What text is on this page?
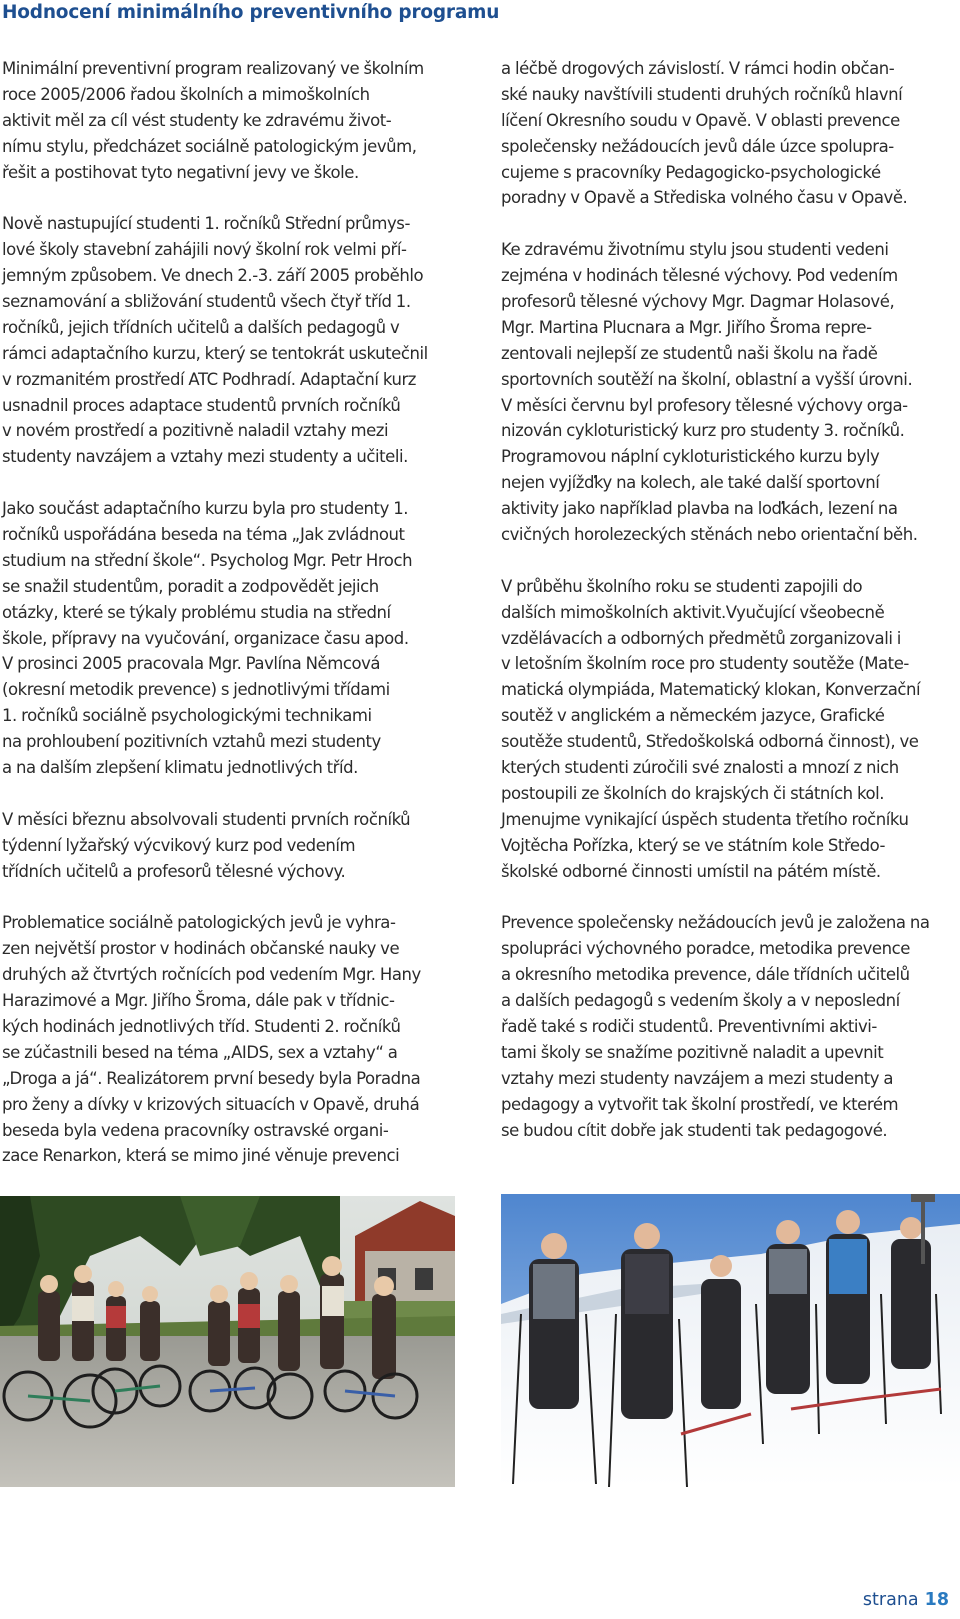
Hodnocení minimálního preventivního programu
Minimální preventivní program realizovaný ve školním
roce 2005/2006 řadou školních a mimoškolních
aktivit měl za cíl vést studenty ke zdravému život-
nímu stylu, předcházet sociálně patologickým jevům,
řešit a postihovat tyto negativní jevy ve škole.
Nově nastupující studenti 1. ročníků Střední průmys-
lové školy stavební zahájili nový školní rok velmi pří-
jemným způsobem. Ve dnech 2.-3. září 2005 proběhlo
seznamování a sbližování studentů všech čtyř tříd 1.
ročníků, jejich třídních učitelů a dalších pedagogů v
rámci adaptačního kurzu, který se tentokrát uskutečnil
v rozmanitém prostředí ATC Podhradí. Adaptační kurz
usnadnil proces adaptace studentů prvních ročníků
v novém prostředí a pozitivně naladil vztahy mezi
studenty navzájem a vztahy mezi studenty a učiteli.
Jako součást adaptačního kurzu byla pro studenty 1.
ročníků uspořádána beseda na téma „Jak zvládnout
studium na střední škole“. Psycholog Mgr. Petr Hroch
se snažil studentům, poradit a zodpovědět jejich
otázky, které se týkaly problému studia na střední
škole, přípravy na vyučování, organizace času apod.
V prosinci 2005 pracovala Mgr. Pavlína Němcová
(okresní metodik prevence) s jednotlivými třídami
1. ročníků sociálně psychologickými technikami
na prohloubení pozitivních vztahů mezi studenty
a na dalším zlepšení klimatu jednotlivých tříd.
V měsíci březnu absolvovali studenti prvních ročníků
týdenní lyžařský výcvikový kurz pod vedením
třídních učitelů a profesorů tělesné výchovy.
Problematice sociálně patologických jevů je vyhra-
zen největší prostor v hodinách občanské nauky ve
druhých až čtvrtých ročnících pod vedením Mgr. Hany
Harazimové a Mgr. Jiřího Šroma, dále pak v třídnic-
kých hodinách jednotlivých tříd. Studenti 2. ročníků
se zúčastnili besed na téma „AIDS, sex a vztahy“ a
„Droga a já“. Realizátorem první besedy byla Poradna
pro ženy a dívky v krizových situacích v Opavě, druhá
beseda byla vedena pracovníky ostravské organi-
zace Renarkon, která se mimo jiné věnuje prevenci
a léčbě drogových závislostí. V rámci hodin občan-
ské nauky navštívili studenti druhých ročníků hlavní
líčení Okresního soudu v Opavě. V oblasti prevence
společensky nežádoucích jevů dále úzce spolupra-
cujeme s pracovníky Pedagogicko-psychologické
poradny v Opavě a Střediska volného času v Opavě.
Ke zdravému životnímu stylu jsou studenti vedeni
zejména v hodinách tělesné výchovy. Pod vedením
profesorů tělesné výchovy Mgr. Dagmar Holasové,
Mgr. Martina Plucnara a Mgr. Jiřího Šroma repre-
zentovali nejlepší ze studentů naši školu na řadě
sportovních soutěží na školní, oblastní a vyšší úrovni.
V měsíci červnu byl profesory tělesné výchovy orga-
nizován cykloturistický kurz pro studenty 3. ročníků.
Programovou náplní cykloturistického kurzu byly
nejen vyjížďky na kolech, ale také další sportovní
aktivity jako například plavba na loďkách, lezení na
cvičných horolezeckých stěnách nebo orientační běh.
V průběhu školního roku se studenti zapojili do
dalších mimoškolních aktivit.Vyučující všeobecně
vzdělávacích a odborných předmětů zorganizovali i
v letošním školním roce pro studenty soutěže (Mate-
matická olympiáda, Matematický klokan, Konverzační
soutěž v anglickém a německém jazyce, Grafické
soutěže studentů, Středoškolská odborná činnost), ve
kterých studenti zúročili své znalosti a mnozí z nich
postoupili ze školních do krajských či státních kol.
Jmenujme vynikající úspěch studenta třetího ročníku
Vojtěcha Pořízka, který se ve státním kole Středo-
školské odborné činnosti umístil na pátém místě.
Prevence společensky nežádoucích jevů je založena na
spolupráci výchovného poradce, metodika prevence
a okresního metodika prevence, dále třídních učitelů
a dalších pedagogů s vedením školy a v neposlední
řadě také s rodiči studentů. Preventivními aktivi-
tami školy se snažíme pozitivně naladit a upevnit
vztahy mezi studenty navzájem a mezi studenty a
pedagogy a vytvořit tak školní prostředí, ve kterém
se budou cítit dobře jak studenti tak pedagogové.
strana 18
